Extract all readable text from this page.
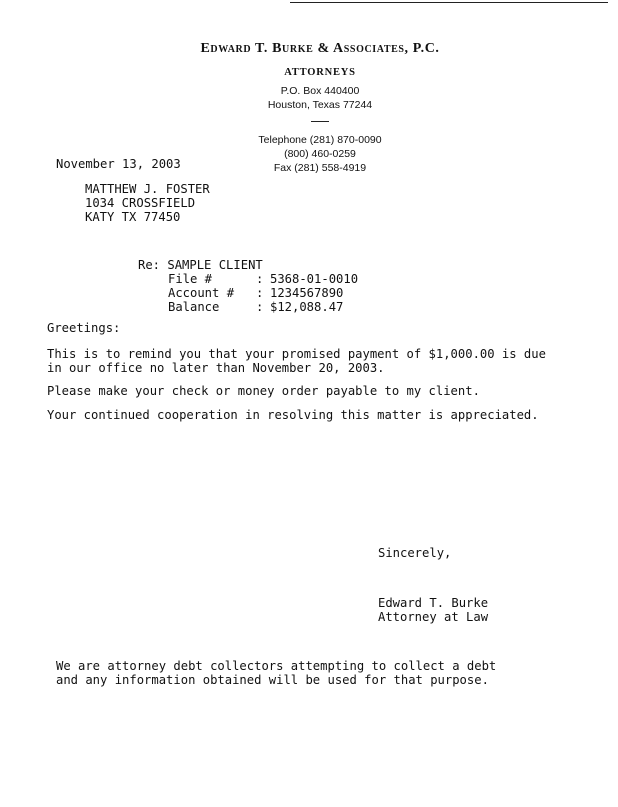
Edward T. Burke & Associates, P.C.
ATTORNEYS
P.O. Box 440400
Houston, Texas 77244
Telephone (281) 870-0090
(800) 460-0259
Fax (281) 558-4919
November 13, 2003
MATTHEW J. FOSTER
1034 CROSSFIELD
KATY TX 77450
Re: SAMPLE CLIENT
File #	: 5368-01-0010
Account # : 1234567890
Balance	: $12,088.47
Greetings:
This is to remind you that your promised payment of $1,000.00 is due
in our office no later than November 20, 2003.
Please make your check or money order payable to my client.
Your continued cooperation in resolving this matter is appreciated.
Sincerely,
Edward T. Burke
Attorney at Law
We are attorney debt collectors attempting to collect a debt
and any information obtained will be used for that purpose.
